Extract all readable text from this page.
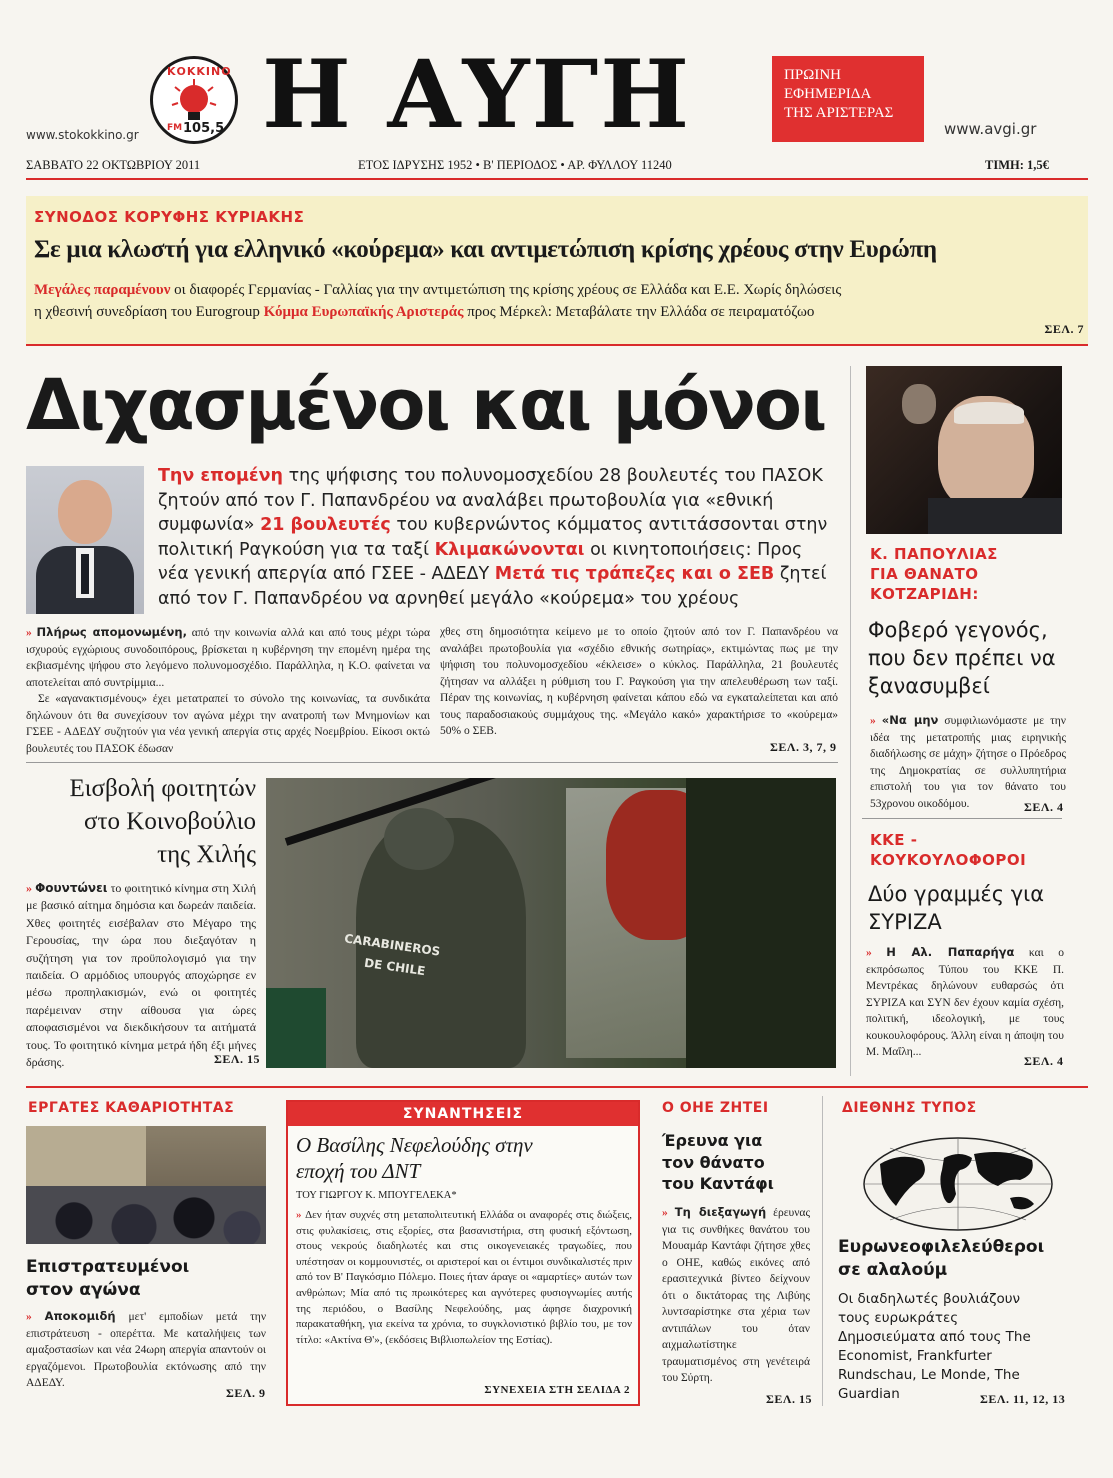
ΚΟΚΚΙΝΟ
105,5
FM
www.stokokkino.gr Η ΑΥΓΗ	ΠΡΩΙΝΗ
ΕΦΗΜΕΡΙΔΑ
ΤΗΣ ΑΡΙΣΤΕΡΑΣ
www.avgi.gr
ΣΑΒΒΑΤΟ 22 ΟΚΤΩΒΡΙΟΥ 2011	ΕΤΟΣ ΙΔΡΥΣΗΣ 1952 • Β' ΠΕΡΙΟΔΟΣ • ΑΡ. ΦΥΛΛΟΥ 11240	ΤΙΜΗ: 1,5€
ΣΥΝΟΔΟΣ ΚΟΡΥΦΗΣ ΚΥΡΙΑΚΗΣ
Σε μια κλωστή για ελληνικό «κούρεμα» και αντιμετώπιση κρίσης χρέους στην Ευρώπη
Μεγάλες παραμένουν οι διαφορές Γερμανίας - Γαλλίας για την αντιμετώπιση της κρίσης χρέους σε Ελλάδα και Ε.Ε. Χωρίς δηλώσεις
η χθεσινή συνεδρίαση του Eurogroup Κόμμα Ευρωπαϊκής Αριστεράς προς Μέρκελ: Μεταβάλατε την Ελλάδα σε πειραματόζωο
ΣΕΛ. 7
Διχασμένοι και μόνοι
Την επομένη της ψήφισης του πολυνομοσχεδίου 28 βουλευτές του ΠΑΣΟΚ ζητούν από τον Γ. Παπανδρέου να αναλάβει πρωτοβουλία για «εθνική συμφωνία» 21 βουλευτές του κυβερνώντος κόμματος αντιτάσσονται στην πολιτική Ραγκούση για τα ταξί Κλιμακώνονται οι κινητοποιήσεις: Προς νέα γενική απεργία από ΓΣΕΕ - ΑΔΕΔΥ Μετά τις τράπεζες και ο ΣΕΒ ζητεί από τον Γ. Παπανδρέου να αρνηθεί μεγάλο «κούρεμα» του χρέους
» Πλήρως απομονωμένη, από την κοινωνία αλλά και από τους μέχρι τώρα ισχυρούς εγχώριους συνοδοιπόρους, βρίσκεται η κυβέρνηση την επομένη ημέρα της εκβιασμένης ψήφου στο λεγόμενο πολυνομοσχέδιο. Παράλληλα, η Κ.Ο. φαίνεται να αποτελείται από συντρίμμια...
Σε «αγανακτισμένους» έχει μετατραπεί το σύνολο της κοινωνίας, τα συνδικάτα δηλώνουν ότι θα συνεχίσουν τον αγώνα μέχρι την ανατροπή των Μνημονίων και ΓΣΕΕ - ΑΔΕΔΥ συζητούν για νέα γενική απεργία στις αρχές Νοεμβρίου. Είκοσι οκτώ βουλευτές του ΠΑΣΟΚ έδωσαν
χθες στη δημοσιότητα κείμενο με το οποίο ζητούν από τον Γ. Παπανδρέου να αναλάβει πρωτοβουλία για «σχέδιο εθνικής σωτηρίας», εκτιμώντας πως με την ψήφιση του πολυνομοσχεδίου «έκλεισε» ο κύκλος. Παράλληλα, 21 βουλευτές ζήτησαν να αλλάξει η ρύθμιση του Γ. Ραγκούση για την απελευθέρωση των ταξί. Πέραν της κοινωνίας, η κυβέρνηση φαίνεται κάπου εδώ να εγκαταλείπεται και από τους παραδοσιακούς συμμάχους της. «Μεγάλο κακό» χαρακτήρισε το «κούρεμα» 50% ο ΣΕΒ.
ΣΕΛ. 3, 7, 9
Κ. ΠΑΠΟΥΛΙΑΣ
ΓΙΑ ΘΑΝΑΤΟ
ΚΟΤΖΑΡΙΔΗ:
Φοβερό γεγονός, που δεν πρέπει να ξανασυμβεί
» «Να μην συμφιλιωνόμαστε με την ιδέα της μετατροπής μιας ειρηνικής διαδήλωσης σε μάχη» ζήτησε ο Πρόεδρος της Δημοκρατίας σε συλλυπητήρια επιστολή του για τον θάνατο του 53χρονου οικοδόμου.	ΣΕΛ. 4
Εισβολή φοιτητών
στο Κοινοβούλιο
της Χιλής
» Φουντώνει το φοιτητικό κίνημα στη Χιλή με βασικό αίτημα δημόσια και δωρεάν παιδεία. Χθες φοιτητές εισέβαλαν στο Μέγαρο της Γερουσίας, την ώρα που διεξαγόταν η συζήτηση για τον προϋπολογισμό για την παιδεία. Ο αρμόδιος υπουργός αποχώρησε εν μέσω προπηλακισμών, ενώ οι φοιτητές παρέμειναν στην αίθουσα για ώρες αποφασισμένοι να διεκδικήσουν τα αιτήματά τους. Το φοιτητικό κίνημα μετρά ήδη έξι μήνες δράσης.	ΣΕΛ. 15
CARABINEROS
DE CHILE
ΚΚΕ -
ΚΟΥΚΟΥΛΟΦΟΡΟΙ
Δύο γραμμές για ΣΥΡΙΖΑ
» Η Αλ. Παπαρήγα και ο εκπρόσωπος Τύπου του ΚΚΕ Π. Μεντρέκας δηλώνουν ευθαρσώς ότι ΣΥΡΙΖΑ και ΣΥΝ δεν έχουν καμία σχέση, πολιτική, ιδεολογική, με τους κουκουλοφόρους. Άλλη είναι η άποψη του Μ. Μαΐλη...
ΣΕΛ. 4
ΕΡΓΑΤΕΣ ΚΑΘΑΡΙΟΤΗΤΑΣ
Επιστρατευμένοι στον αγώνα
» Αποκομιδή μετ' εμποδίων μετά την επιστράτευση - οπερέττα. Με καταλήψεις των αμαξοστασίων και νέα 24ωρη απεργία απαντούν οι εργαζόμενοι. Πρωτοβουλία εκτόνωσης από την ΑΔΕΔΥ.
ΣΕΛ. 9
ΣΥΝΑΝΤΗΣΕΙΣ
Ο Βασίλης Νεφελούδης στην εποχή του ΔΝΤ
ΤΟΥ ΓΙΩΡΓΟΥ Κ. ΜΠΟΥΓΕΛΕΚΑ*
» Δεν ήταν συχνές στη μεταπολιτευτική Ελλάδα οι αναφορές στις διώξεις, στις φυλακίσεις, στις εξορίες, στα βασανιστήρια, στη φυσική εξόντωση, στους νεκρούς διαδηλωτές και στις οικογενειακές τραγωδίες, που υπέστησαν οι κομμουνιστές, οι αριστεροί και οι έντιμοι συνδικαλιστές πριν από τον Β' Παγκόσμιο Πόλεμο. Ποιες ήταν άραγε οι «αμαρτίες» αυτών των ανθρώπων; Μία από τις πρωικότερες και αγνότερες φυσιογνωμίες αυτής της περιόδου, ο Βασίλης Νεφελούδης, μας άφησε διαχρονική παρακαταθήκη, για εκείνα τα χρόνια, το συγκλονιστικό βιβλίο του, με τον τίτλο: «Ακτίνα Θ'», (εκδόσεις Βιβλιοπωλείον της Εστίας).
ΣΥΝΕΧΕΙΑ ΣΤΗ ΣΕΛΙΔΑ 2
Ο ΟΗΕ ΖΗΤΕΙ
Έρευνα για τον θάνατο του Καντάφι
» Τη διεξαγωγή έρευνας για τις συνθήκες θανάτου του Μουαμάρ Καντάφι ζήτησε χθες ο ΟΗΕ, καθώς εικόνες από ερασιτεχνικά βίντεο δείχνουν ότι ο δικτάτορας της Λιβύης λυντσαρίστηκε στα χέρια των αντιπάλων του όταν αιχμαλωτίστηκε τραυματισμένος στη γενέτειρά του Σύρτη.
ΣΕΛ. 15
ΔΙΕΘΝΗΣ ΤΥΠΟΣ
Ευρωνεοφιλελεύθεροι σε αλαλούμ
Οι διαδηλωτές βουλιάζουν τους ευρωκράτες
Δημοσιεύματα από τους The Economist, Frankfurter Rundschau, Le Monde, The Guardian	ΣΕΛ. 11, 12, 13
